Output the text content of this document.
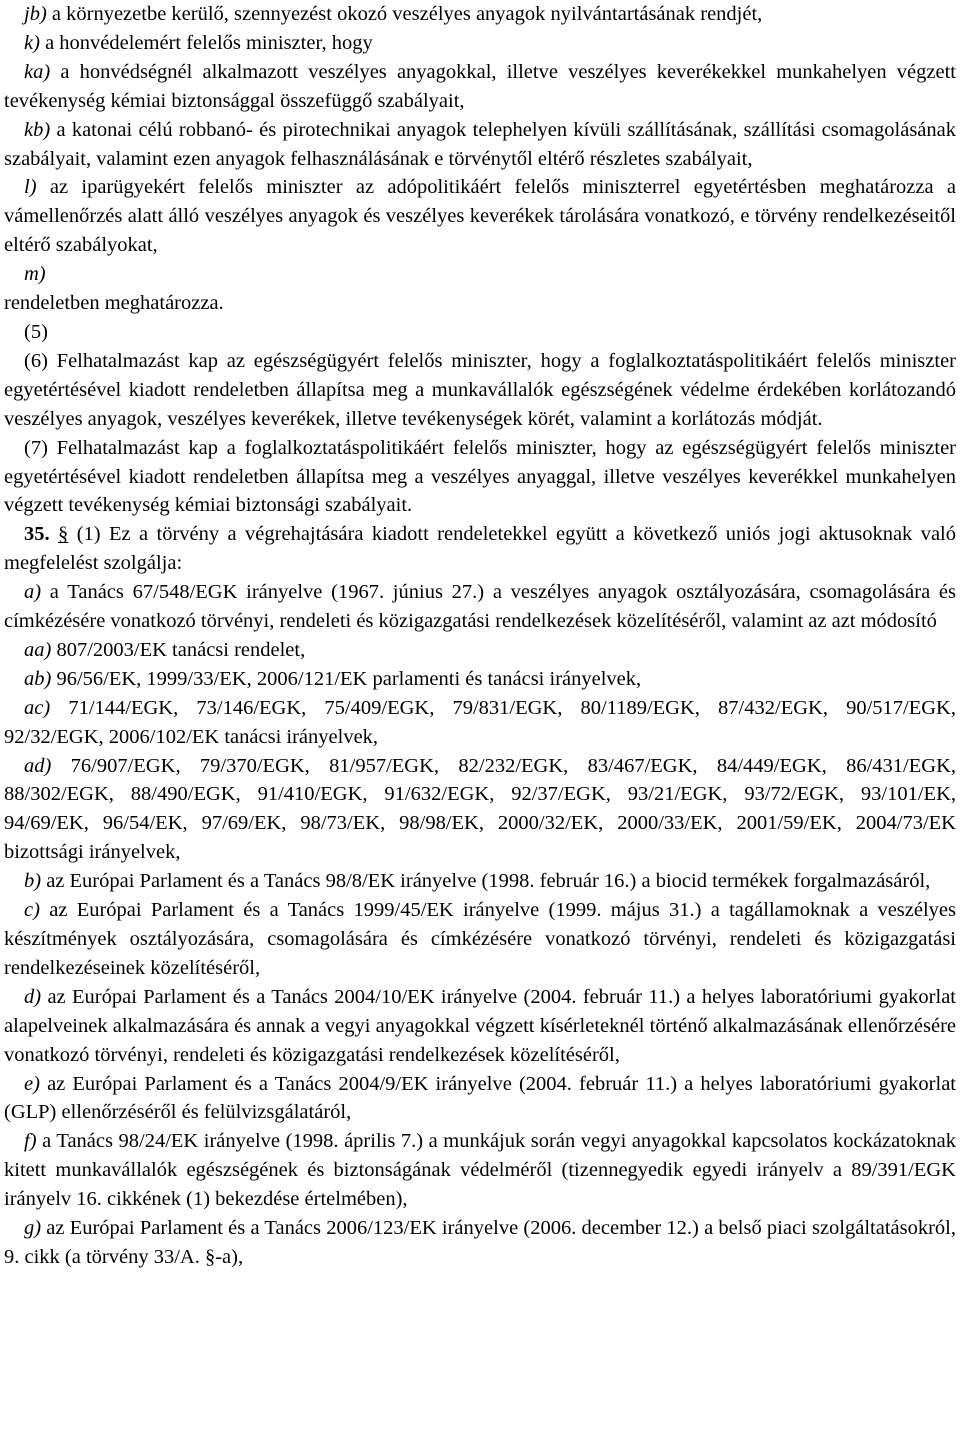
jb) a környezetbe kerülő, szennyezést okozó veszélyes anyagok nyilvántartásának rendjét,

k) a honvédelemért felelős miniszter, hogy

ka) a honvédségnél alkalmazott veszélyes anyagokkal, illetve veszélyes keverékekkel munkahelyen végzett tevékenység kémiai biztonsággal összefüggő szabályait,

kb) a katonai célú robbanó- és pirotechnikai anyagok telephelyen kívüli szállításának, szállítási csomagolásának szabályait, valamint ezen anyagok felhasználásának e törvénytől eltérő részletes szabályait,

l) az iparügyekért felelős miniszter az adópolitikáért felelős miniszterrel egyetértésben meghatározza a vámellenőrzés alatt álló veszélyes anyagok és veszélyes keverékek tárolására vonatkozó, e törvény rendelkezéseitől eltérő szabályokat,

m)

rendeletben meghatározza.

(5)

(6) Felhatalmazást kap az egészségügyért felelős miniszter, hogy a foglalkoztatáspolitikáért felelős miniszter egyetértésével kiadott rendeletben állapítsa meg a munkavállalók egészségének védelme érdekében korlátozandó veszélyes anyagok, veszélyes keverékek, illetve tevékenységek körét, valamint a korlátozás módját.

(7) Felhatalmazást kap a foglalkoztatáspolitikáért felelős miniszter, hogy az egészségügyért felelős miniszter egyetértésével kiadott rendeletben állapítsa meg a veszélyes anyaggal, illetve veszélyes keverékkel munkahelyen végzett tevékenység kémiai biztonsági szabályait.

35. § (1) Ez a törvény a végrehajtására kiadott rendeletekkel együtt a következő uniós jogi aktusoknak való megfelelést szolgálja:

a) a Tanács 67/548/EGK irányelve (1967. június 27.) a veszélyes anyagok osztályozására, csomagolására és címkézésére vonatkozó törvényi, rendeleti és közigazgatási rendelkezések közelítéséről, valamint az azt módosító

aa) 807/2003/EK tanácsi rendelet,

ab) 96/56/EK, 1999/33/EK, 2006/121/EK parlamenti és tanácsi irányelvek,

ac) 71/144/EGK, 73/146/EGK, 75/409/EGK, 79/831/EGK, 80/1189/EGK, 87/432/EGK, 90/517/EGK, 92/32/EGK, 2006/102/EK tanácsi irányelvek,

ad) 76/907/EGK, 79/370/EGK, 81/957/EGK, 82/232/EGK, 83/467/EGK, 84/449/EGK, 86/431/EGK, 88/302/EGK, 88/490/EGK, 91/410/EGK, 91/632/EGK, 92/37/EGK, 93/21/EGK, 93/72/EGK, 93/101/EK, 94/69/EK, 96/54/EK, 97/69/EK, 98/73/EK, 98/98/EK, 2000/32/EK, 2000/33/EK, 2001/59/EK, 2004/73/EK bizottsági irányelvek,

b) az Európai Parlament és a Tanács 98/8/EK irányelve (1998. február 16.) a biocid termékek forgalmazásáról,

c) az Európai Parlament és a Tanács 1999/45/EK irányelve (1999. május 31.) a tagállamoknak a veszélyes készítmények osztályozására, csomagolására és címkézésére vonatkozó törvényi, rendeleti és közigazgatási rendelkezéseinek közelítéséről,

d) az Európai Parlament és a Tanács 2004/10/EK irányelve (2004. február 11.) a helyes laboratóriumi gyakorlat alapelveinek alkalmazására és annak a vegyi anyagokkal végzett kísérleteknél történő alkalmazásának ellenőrzésére vonatkozó törvényi, rendeleti és közigazgatási rendelkezések közelítéséről,

e) az Európai Parlament és a Tanács 2004/9/EK irányelve (2004. február 11.) a helyes laboratóriumi gyakorlat (GLP) ellenőrzéséről és felülvizsgálatáról,

f) a Tanács 98/24/EK irányelve (1998. április 7.) a munkájuk során vegyi anyagokkal kapcsolatos kockázatoknak kitett munkavállalók egészségének és biztonságának védelméről (tizennegyedik egyedi irányelv a 89/391/EGK irányelv 16. cikkének (1) bekezdése értelmében),

g) az Európai Parlament és a Tanács 2006/123/EK irányelve (2006. december 12.) a belső piaci szolgáltatásokról, 9. cikk (a törvény 33/A. §-a),
